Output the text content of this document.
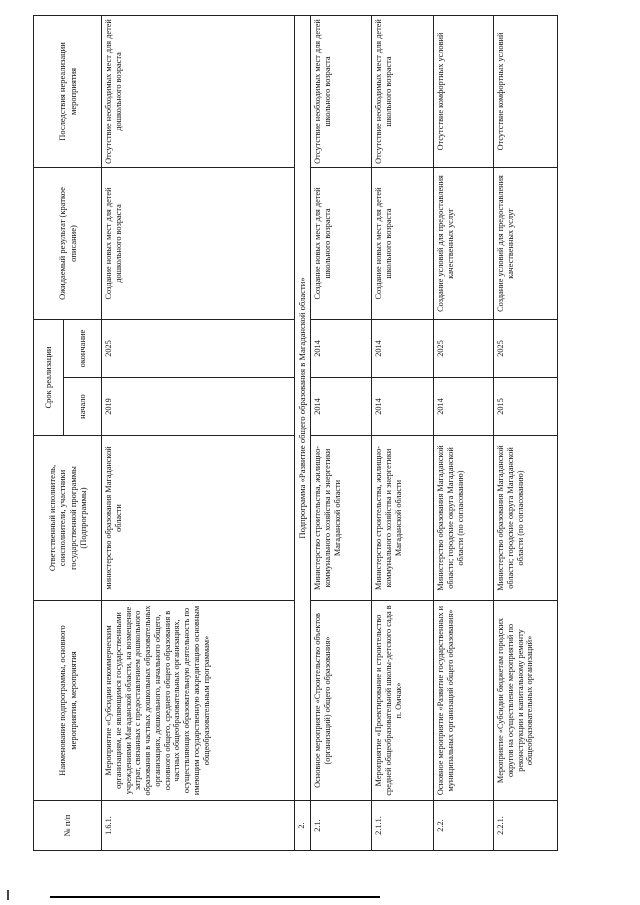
№ п/п	Наименование подпрограммы, основного мероприятия, мероприятия	Ответственный исполнитель, соисполнители, участники государственной программы (Подпрограммы)	Срок реализации		Ожидаемый результат (краткое описание)	Последствия нереализации мероприятия
			начало	окончание		
1.6.1.	Мероприятие «Субсидии некоммерческим организациям, не являющимся государственными учреждениями Магаданской области, на возмещение затрат, связанных с предоставлением дошкольного образования в частных дошкольных образовательных организациях, дошкольного, начального общего, основного общего, среднего общего образования в частных общеобразовательных организациях, осуществляющих образовательную деятельность по имеющим государственную аккредитацию основным общеобразовательным программам»	министерство образования Магаданской области	2019	2025	Создание новых мест для детей дошкольного возраста	Отсутствие необходимых мест для детей дошкольного возраста
2.	Подпрограмма «Развитие общего образования в Магаданской области»					
2.1.	Основное мероприятие «Строительство объектов (организаций) общего образования»	Министерство строительства, жилищно-коммунального хозяйства и энергетики Магаданской области	2014	2014	Создание новых мест для детей школьного возраста	Отсутствие необходимых мест для детей школьного возраста
2.1.1.	Мероприятие «Проектирование и строительство средней общеобразовательной школы-детского сада в п. Омчак»	Министерство строительства, жилищно-коммунального хозяйства и энергетики Магаданской области	2014	2014	Создание новых мест для детей школьного возраста	Отсутствие необходимых мест для детей школьного возраста
2.2.	Основное мероприятие «Развитие государственных и муниципальных организаций общего образования»	Министерство образования Магаданской области; городские округа Магаданской области (по согласованию)	2014	2025	Создание условий для предоставления качественных услуг	Отсутствие комфортных условий
2.2.1.	Мероприятие «Субсидии бюджетам городских округов на осуществление мероприятий по реконструкции и капитальному ремонту общеобразовательных организаций»	Министерство образования Магаданской области; городские округа Магаданской области (по согласованию)	2015	2025	Создание условий для предоставления качественных услуг	Отсутствие комфортных условий
